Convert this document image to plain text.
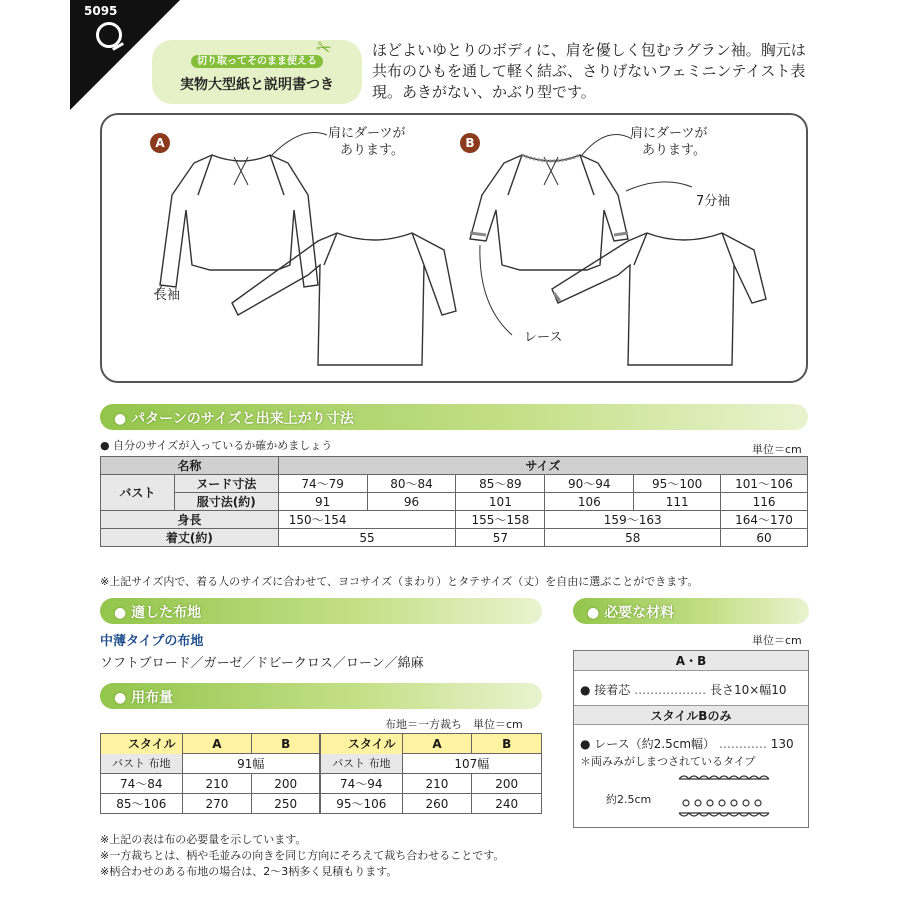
5095
切り取ってそのまま使える
実物大型紙と説明書つき
✂	ほどよいゆとりのボディに、肩を優しく包むラグラン袖。胸元は共布のひもを通して軽く結ぶ、さりげないフェミニンテイスト表現。あきがない、かぶり型です。
A	B
肩にダーツが
あります。
肩にダーツが
あります。
長袖
7分袖
レース
● パターンのサイズと出来上がり寸法
● 自分のサイズが入っているか確かめましょう	単位＝cm
名称		サイズ					
バスト	ヌード寸法	74〜79	80〜84	85〜89	90〜94	95〜100	101〜106
	服寸法(約)	91	96	101	106	111	116
身長		150〜154		155〜158	159〜163		164〜170
着丈(約)		55		57	58		60
※上記サイズ内で、着る人のサイズに合わせて、ヨコサイズ（まわり）とタテサイズ（丈）を自由に選ぶことができます。
● 適した布地
中薄タイプの布地
ソフトブロード／ガーゼ／ドビークロス／ローン／綿麻
● 用布量
布地＝一方裁ち　単位＝cm
スタイル	A	B
バスト 布地	91幅	
74〜84	210	200
85〜106	270	250
スタイル	A	B
バスト 布地	107幅	
74〜94	210	200
95〜106	260	240
※上記の表は布の必要量を示しています。
※一方裁ちとは、柄や毛並みの向きを同じ方向にそろえて裁ち合わせることです。
※柄合わせのある布地の場合は、2〜3柄多く見積もります。
● 必要な材料
単位＝cm
A・B
● 接着芯 ……………… 長さ10×幅10
スタイルBのみ
● レース（約2.5cm幅） ………… 130
＊両みみがしまつされているタイプ
約2.5cm
